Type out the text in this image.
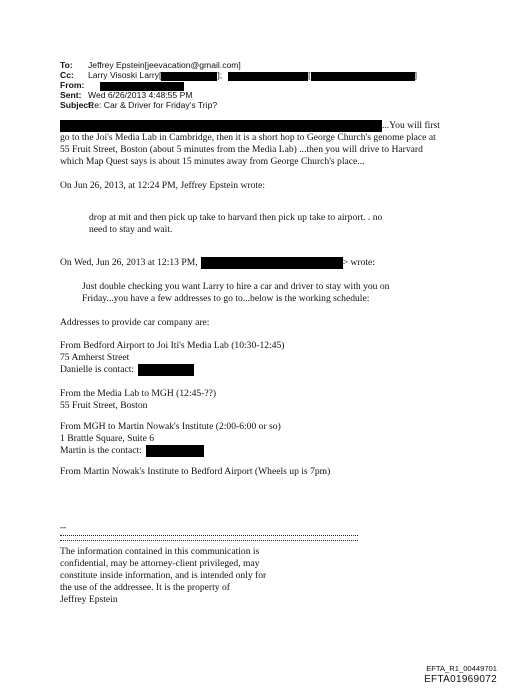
To: Jeffrey Epstein[jeevacation@gmail.com]
Cc: Larry Visoski Larry[	];	[	]
From:
Sent: Wed 6/26/2013 4:48:55 PM
Subject:Re: Car & Driver for Friday's Trip?
...You will first
go to the Joi's Media Lab in Cambridge, then it is a short hop to George Church's genome place at
55 Fruit Street, Boston (about 5 minutes from the Media Lab) ...then you will drive to Harvard
which Map Quest says is about 15 minutes away from George Church's place...
On Jun 26, 2013, at 12:24 PM, Jeffrey Epstein wrote:
drop at mit and then pick up take to harvard then pick up take to airport. . no
need to stay and wait.
On Wed, Jun 26, 2013 at 12:13 PM,	> wrote:
Just double checking you want Larry to hire a car and driver to stay with you on
Friday...you have a few addresses to go to...below is the working schedule:
Addresses to provide car company are:
From Bedford Airport to Joi Iti's Media Lab (10:30-12:45)
75 Amherst Street
Danielle is contact:
From the Media Lab to MGH (12:45-??)
55 Fruit Street, Boston
From MGH to Martin Nowak's Institute (2:00-6:00 or so)
1 Brattle Square, Suite 6
Martin is the contact:
From Martin Nowak's Institute to Bedford Airport (Wheels up is 7pm)
--
The information contained in this communication is
confidential, may be attorney-client privileged, may
constitute inside information, and is intended only for
the use of the addressee. It is the property of
Jeffrey Epstein
EFTA_R1_00449701
EFTA01969072
